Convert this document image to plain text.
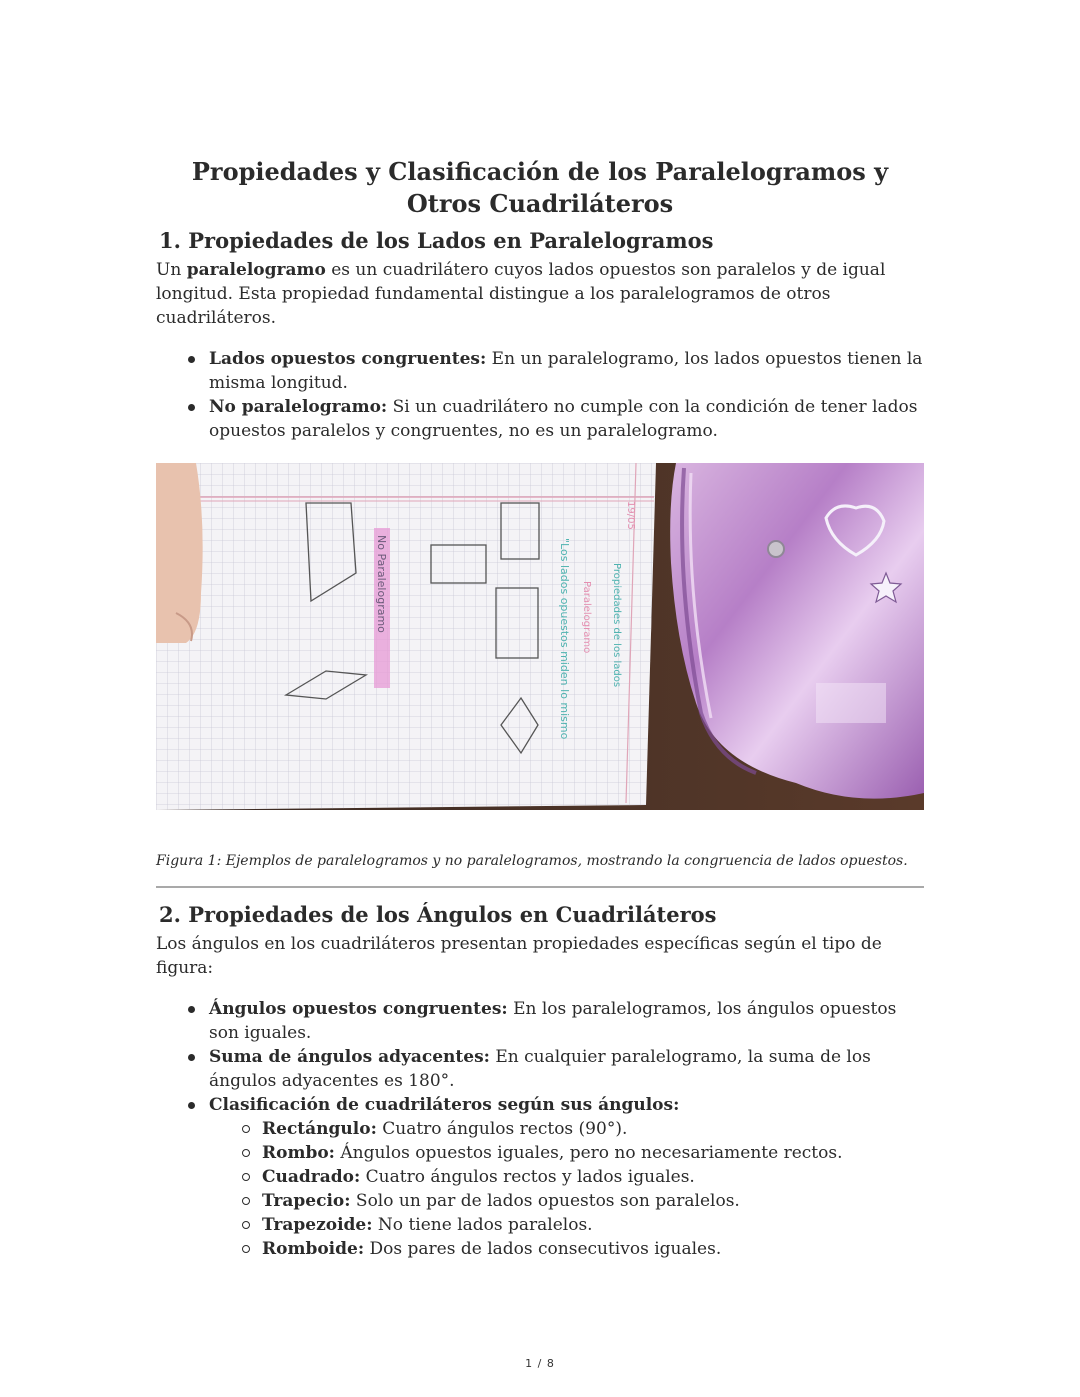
Propiedades y Clasificación de los Paralelogramos y Otros Cuadriláteros
1. Propiedades de los Lados en Paralelogramos

Un paralelogramo es un cuadrilátero cuyos lados opuestos son paralelos y de igual longitud. Esta propiedad fundamental distingue a los paralelogramos de otros cuadriláteros.

Lados opuestos congruentes: En un paralelogramo, los lados opuestos tienen la misma longitud.
No paralelogramo: Si un cuadrilátero no cumple con la condición de tener lados opuestos paralelos y congruentes, no es un paralelogramo.
No Paralelogramo	"Los lados opuestos miden lo mismo Paralelogramo Propiedades de los lados
19/05
Figura 1: Ejemplos de paralelogramos y no paralelogramos, mostrando la congruencia de lados opuestos.
2. Propiedades de los Ángulos en Cuadriláteros

Los ángulos en los cuadriláteros presentan propiedades específicas según el tipo de figura:

Ángulos opuestos congruentes: En los paralelogramos, los ángulos opuestos son iguales.
Suma de ángulos adyacentes: En cualquier paralelogramo, la suma de los ángulos adyacentes es 180°.
Clasificación de cuadriláteros según sus ángulos:
Rectángulo: Cuatro ángulos rectos (90°).
Rombo: Ángulos opuestos iguales, pero no necesariamente rectos.
Cuadrado: Cuatro ángulos rectos y lados iguales.
Trapecio: Solo un par de lados opuestos son paralelos.
Trapezoide: No tiene lados paralelos.
Romboide: Dos pares de lados consecutivos iguales.
1 / 8
